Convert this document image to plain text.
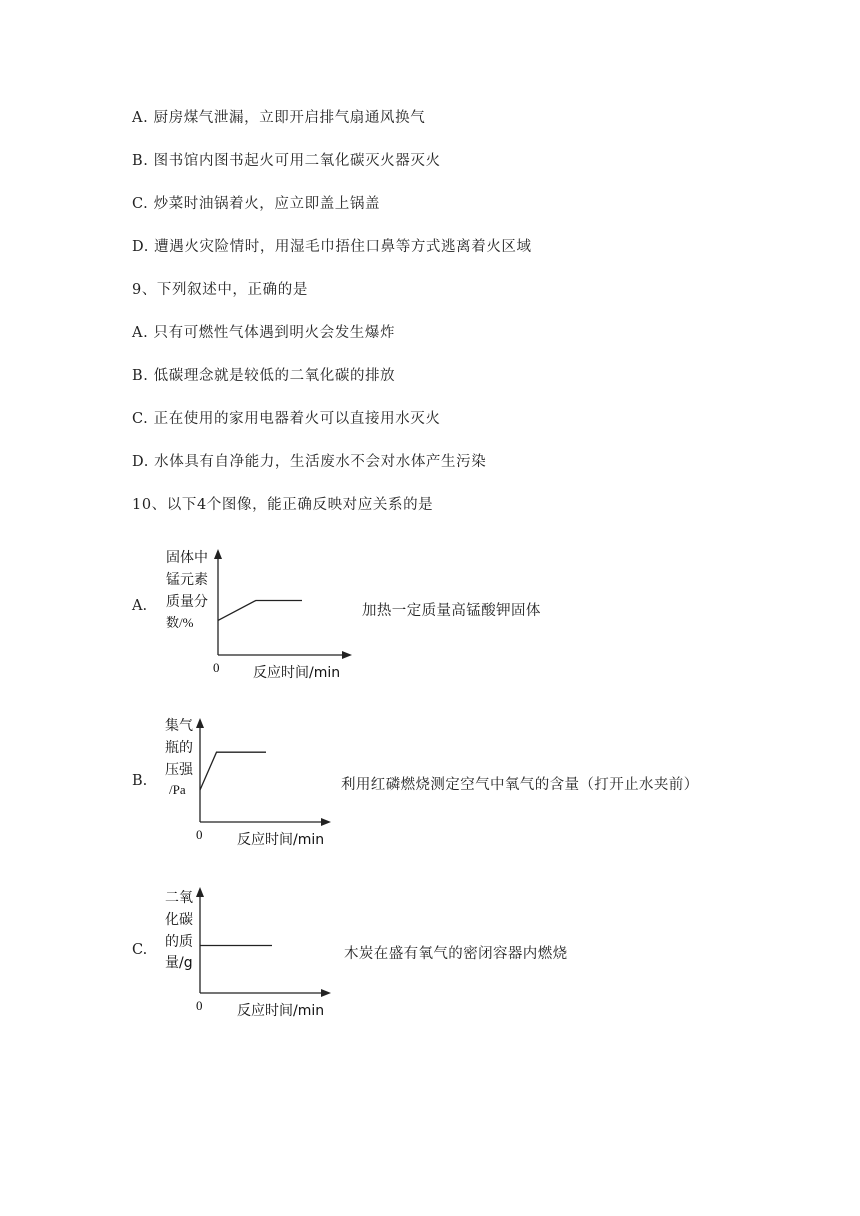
A. 厨房煤气泄漏，立即开启排气扇通风换气
B. 图书馆内图书起火可用二氧化碳灭火器灭火
C. 炒菜时油锅着火，应立即盖上锅盖
D. 遭遇火灾险情时，用湿毛巾捂住口鼻等方式逃离着火区域
9、下列叙述中，正确的是
A. 只有可燃性气体遇到明火会发生爆炸
B. 低碳理念就是较低的二氧化碳的排放
C. 正在使用的家用电器着火可以直接用水灭火
D. 水体具有自净能力，生活废水不会对水体产生污染
10、以下4个图像，能正确反映对应关系的是
A.
固体中
锰元素
质量分
数/%
0 反应时间/min
加热一定质量高锰酸钾固体
B.
集气
瓶的
压强
/Pa
0 反应时间/min
利用红磷燃烧测定空气中氧气的含量（打开止水夹前）
C.
二氧
化碳
的质
量/g
0 反应时间/min
木炭在盛有氧气的密闭容器内燃烧
